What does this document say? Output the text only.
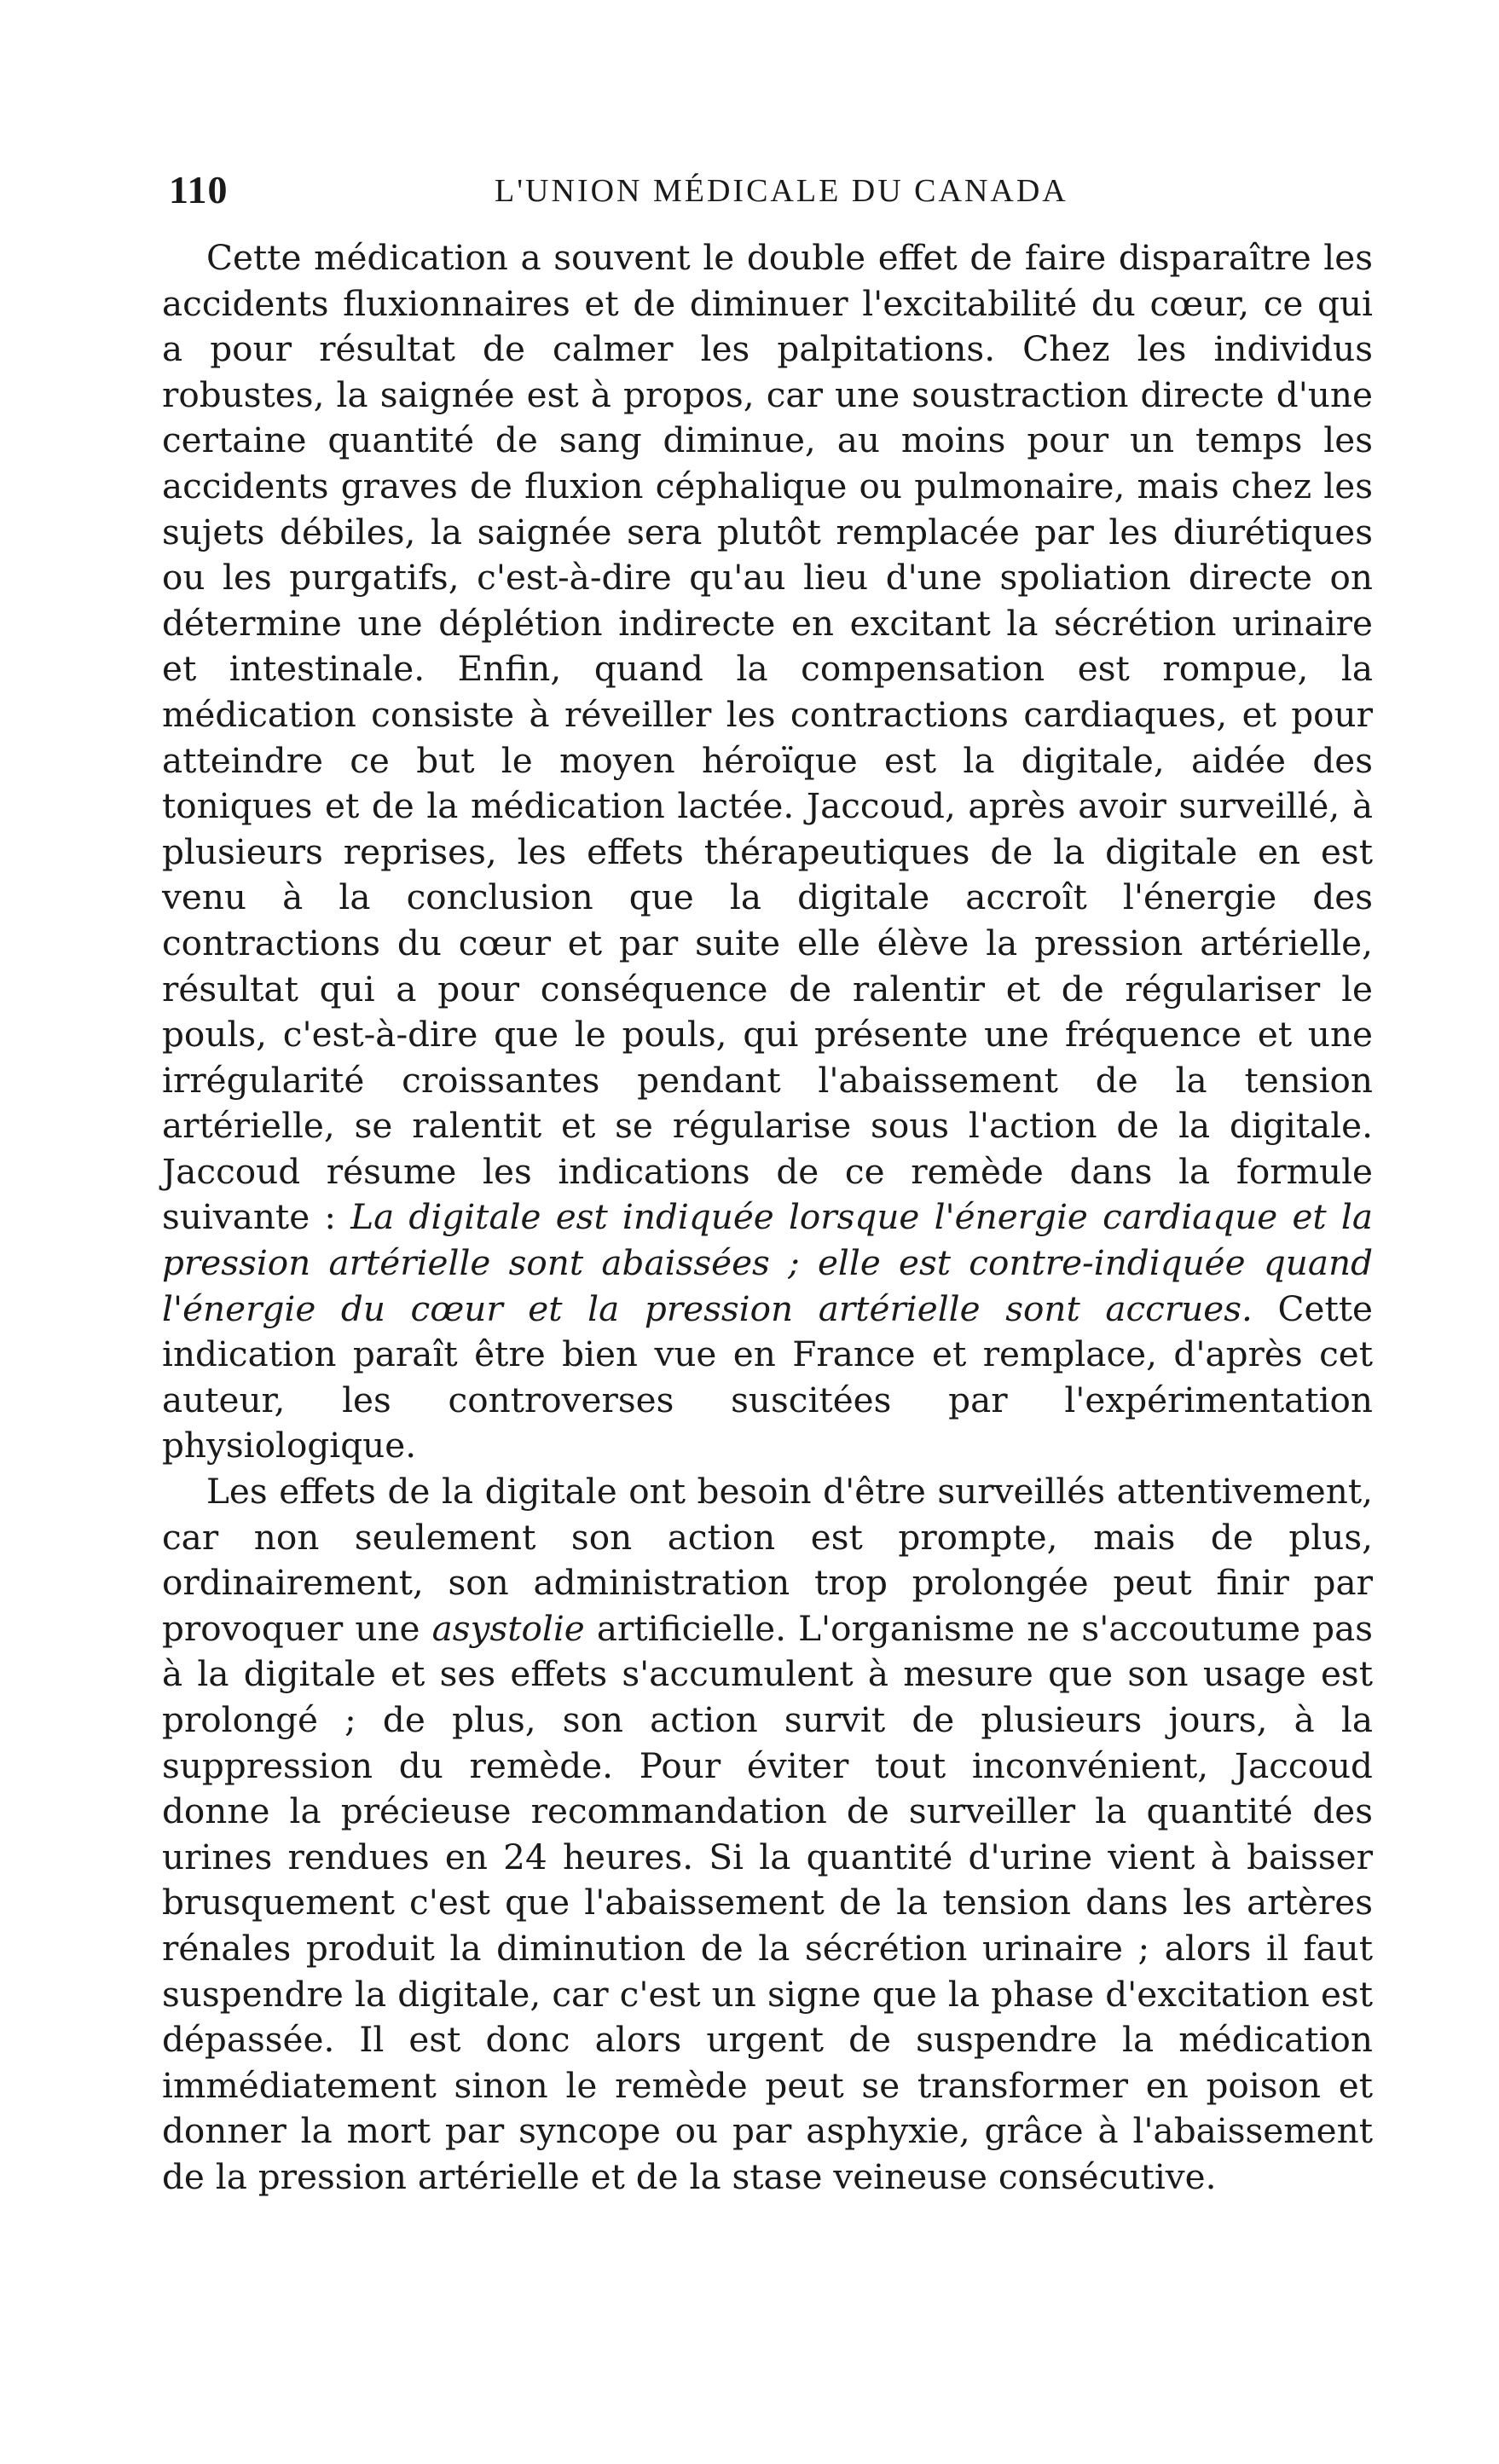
110	L'UNION MÉDICALE DU CANADA

Cette médication a souvent le double effet de faire disparaître les accidents fluxionnaires et de diminuer l'excitabilité du cœur, ce qui a pour résultat de calmer les palpitations. Chez les individus robustes, la saignée est à propos, car une soustraction directe d'une certaine quantité de sang diminue, au moins pour un temps les accidents graves de fluxion céphalique ou pulmonaire, mais chez les sujets débiles, la saignée sera plutôt remplacée par les diurétiques ou les purgatifs, c'est-à-dire qu'au lieu d'une spoliation directe on détermine une déplétion indirecte en excitant la sécrétion urinaire et intestinale. Enfin, quand la compensation est rompue, la médication consiste à réveiller les contractions cardiaques, et pour atteindre ce but le moyen héroïque est la digitale, aidée des toniques et de la médication lactée. Jaccoud, après avoir surveillé, à plusieurs reprises, les effets thérapeutiques de la digitale en est venu à la conclusion que la digitale accroît l'énergie des contractions du cœur et par suite elle élève la pression artérielle, résultat qui a pour conséquence de ralentir et de régulariser le pouls, c'est-à-dire que le pouls, qui présente une fréquence et une irrégularité croissantes pendant l'abaissement de la tension artérielle, se ralentit et se régularise sous l'action de la digitale. Jaccoud résume les indications de ce remède dans la formule suivante : La digitale est indiquée lorsque l'énergie cardiaque et la pression artérielle sont abaissées ; elle est contre-indiquée quand l'énergie du cœur et la pression artérielle sont accrues. Cette indication paraît être bien vue en France et remplace, d'après cet auteur, les controverses suscitées par l'expérimentation physiologique.

Les effets de la digitale ont besoin d'être surveillés attentivement, car non seulement son action est prompte, mais de plus, ordinairement, son administration trop prolongée peut finir par provoquer une asystolie artificielle. L'organisme ne s'accoutume pas à la digitale et ses effets s'accumulent à mesure que son usage est prolongé ; de plus, son action survit de plusieurs jours, à la suppression du remède. Pour éviter tout inconvénient, Jaccoud donne la précieuse recommandation de surveiller la quantité des urines rendues en 24 heures. Si la quantité d'urine vient à baisser brusquement c'est que l'abaissement de la tension dans les artères rénales produit la diminution de la sécrétion urinaire ; alors il faut suspendre la digitale, car c'est un signe que la phase d'excitation est dépassée. Il est donc alors urgent de suspendre la médication immédiatement sinon le remède peut se transformer en poison et donner la mort par syncope ou par asphyxie, grâce à l'abaissement de la pression artérielle et de la stase veineuse consécutive.
